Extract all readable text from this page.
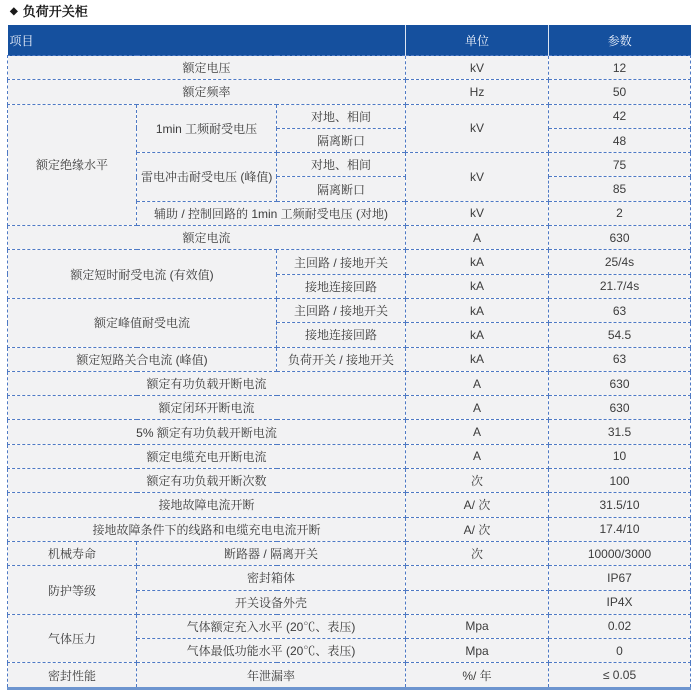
◆ 负荷开关柜
项目			单位	参数
额定电压			kV	12
额定频率			Hz	50
额定绝缘水平	1min 工频耐受电压	对地、相间	kV	42
		隔离断口		48
	雷电冲击耐受电压 (峰值)	对地、相间	kV	75
		隔离断口		85
	辅助 / 控制回路的 1min 工频耐受电压 (对地)		kV	2
额定电流			A	630
额定短时耐受电流 (有效值)		主回路 / 接地开关	kA	25/4s
		接地连接回路	kA	21.7/4s
额定峰值耐受电流		主回路 / 接地开关	kA	63
		接地连接回路	kA	54.5
额定短路关合电流 (峰值)		负荷开关 / 接地开关	kA	63
额定有功负载开断电流			A	630
额定闭环开断电流			A	630
5% 额定有功负载开断电流			A	31.5
额定电缆充电开断电流			A	10
额定有功负载开断次数			次	100
接地故障电流开断			A/ 次	31.5/10
接地故障条件下的线路和电缆充电电流开断			A/ 次	17.4/10
机械寿命	断路器 / 隔离开关		次	10000/3000
防护等级	密封箱体			IP67
	开关设备外壳			IP4X
气体压力	气体额定充入水平 (20℃、表压)		Mpa	0.02
	气体最低功能水平 (20℃、表压)		Mpa	0
密封性能	年泄漏率		%/ 年	≤ 0.05
